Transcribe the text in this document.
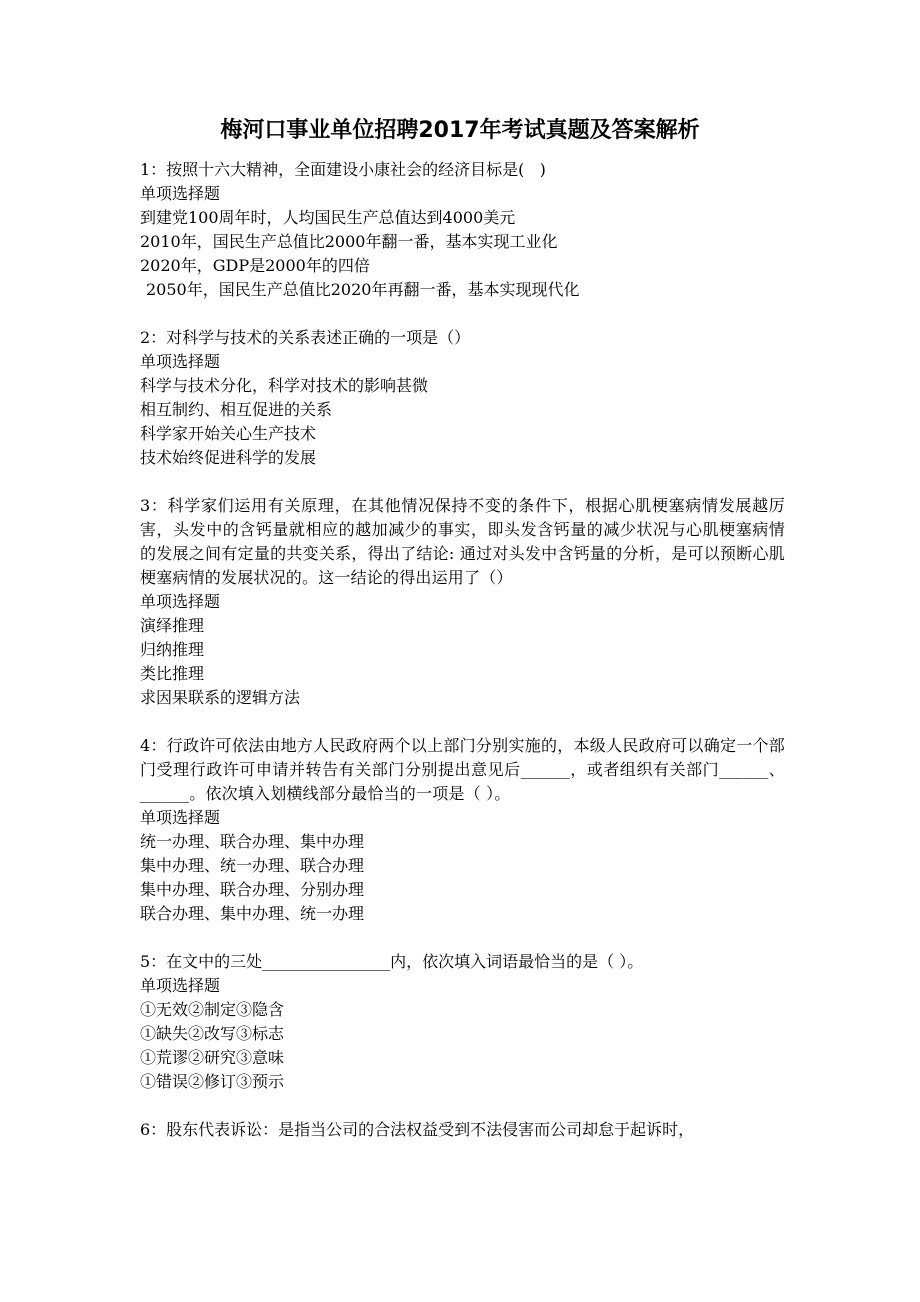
梅河口事业单位招聘2017年考试真题及答案解析
1：按照十六大精神，全面建设小康社会的经济目标是(   )
单项选择题
到建党100周年时，人均国民生产总值达到4000美元
2010年，国民生产总值比2000年翻一番，基本实现工业化
2020年，GDP是2000年的四倍
2050年，国民生产总值比2020年再翻一番，基本实现现代化
2：对科学与技术的关系表述正确的一项是（）
单项选择题
科学与技术分化，科学对技术的影响甚微
相互制约、相互促进的关系
科学家开始关心生产技术
技术始终促进科学的发展
3：科学家们运用有关原理，在其他情况保持不变的条件下，根据心肌梗塞病情发展越厉害，头发中的含钙量就相应的越加减少的事实，即头发含钙量的减少状况与心肌梗塞病情的发展之间有定量的共变关系，得出了结论: 通过对头发中含钙量的分析，是可以预断心肌梗塞病情的发展状况的。这一结论的得出运用了（）
单项选择题
演绎推理
归纳推理
类比推理
求因果联系的逻辑方法
4：行政许可依法由地方人民政府两个以上部门分别实施的，本级人民政府可以确定一个部门受理行政许可申请并转告有关部门分别提出意见后______，或者组织有关部门______、______。依次填入划横线部分最恰当的一项是（ ）。
单项选择题
统一办理、联合办理、集中办理
集中办理、统一办理、联合办理
集中办理、联合办理、分别办理
联合办理、集中办理、统一办理
5：在文中的三处________________内，依次填入词语最恰当的是（ ）。
单项选择题
①无效②制定③隐含
①缺失②改写③标志
①荒谬②研究③意味
①错误②修订③预示
6：股东代表诉讼：是指当公司的合法权益受到不法侵害而公司却怠于起诉时，
